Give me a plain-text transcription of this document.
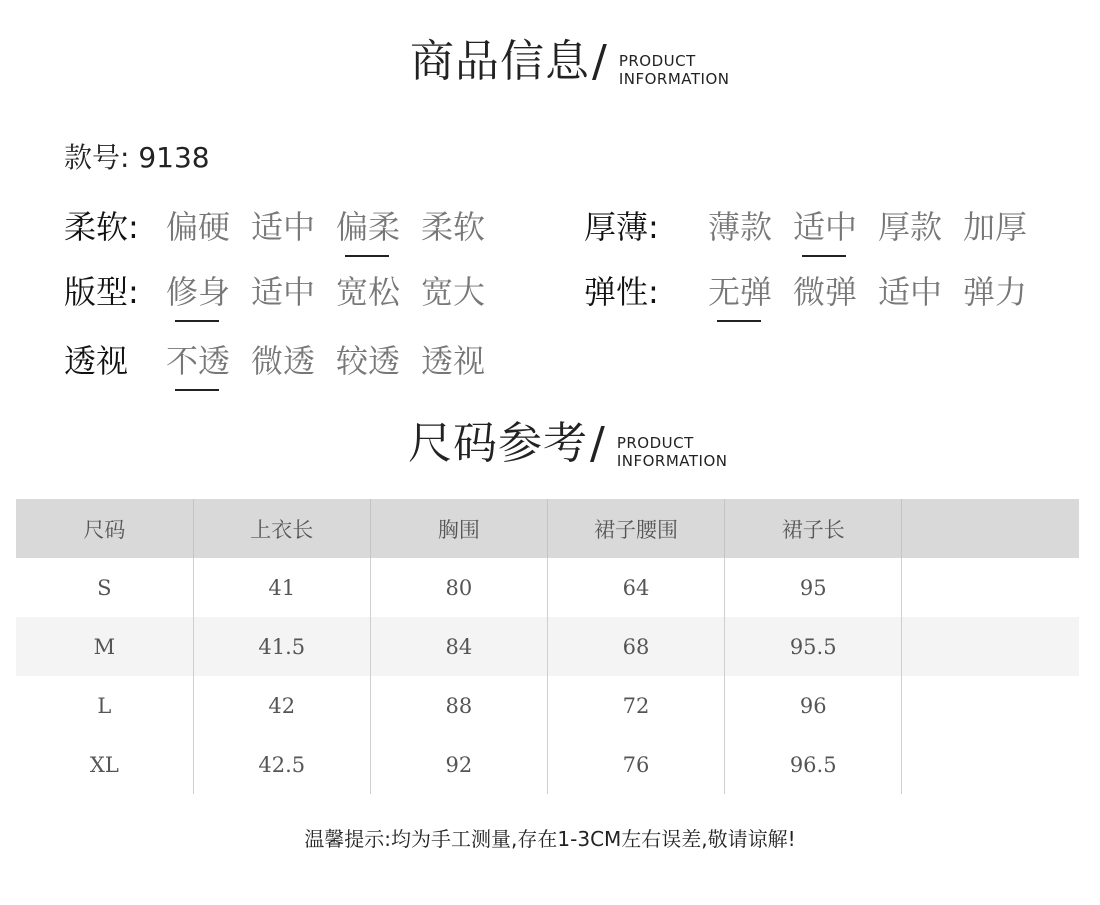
商品信息 / PRODUCT
INFORMATION
款号: 9138
柔软: 偏硬 适中 偏柔 柔软
版型: 修身 适中 宽松 宽大
透视	不透 微透 较透 透视
厚薄:	薄款 适中 厚款 加厚
弹性:	无弹 微弹 适中 弹力
尺码参考 / PRODUCT
INFORMATION
尺码	上衣长	胸围	裙子腰围	裙子长	
S	41	80	64	95	
M	41.5	84	68	95.5	
L	42	88	72	96	
XL	42.5	92	76	96.5	
温馨提示:均为手工测量,存在1-3CM左右误差,敬请谅解!
